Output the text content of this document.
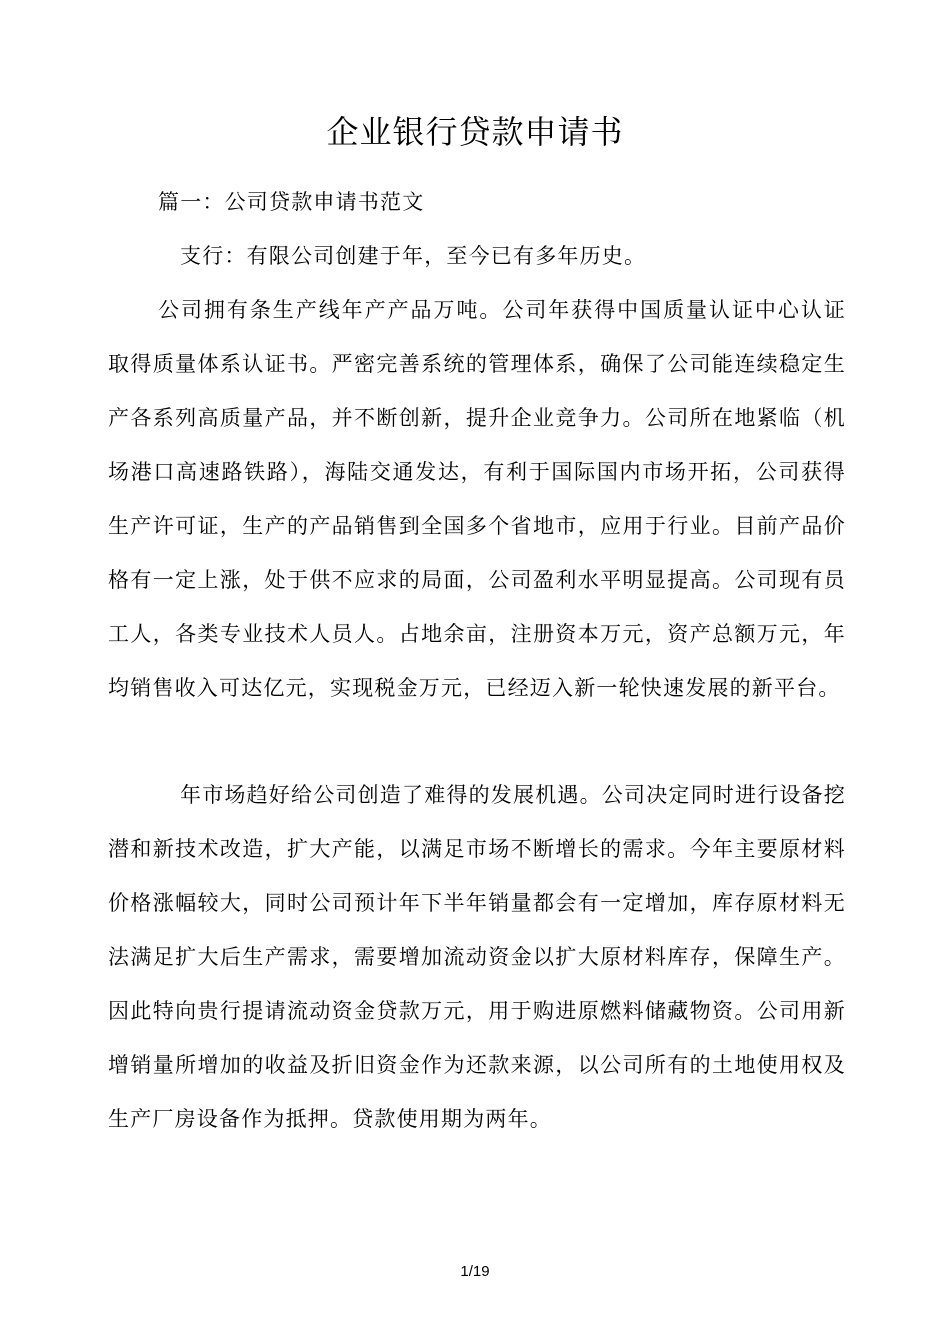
企业银行贷款申请书

篇一：公司贷款申请书范文

支行：有限公司创建于年，至今已有多年历史。

公司拥有条生产线年产产品万吨。公司年获得中国质量认证中心认证取得质量体系认证书。严密完善系统的管理体系，确保了公司能连续稳定生产各系列高质量产品，并不断创新，提升企业竞争力。公司所在地紧临（机场港口高速路铁路），海陆交通发达，有利于国际国内市场开拓，公司获得生产许可证，生产的产品销售到全国多个省地市，应用于行业。目前产品价格有一定上涨，处于供不应求的局面，公司盈利水平明显提高。公司现有员工人，各类专业技术人员人。占地余亩，注册资本万元，资产总额万元，年均销售收入可达亿元，实现税金万元，已经迈入新一轮快速发展的新平台。

年市场趋好给公司创造了难得的发展机遇。公司决定同时进行设备挖潜和新技术改造，扩大产能，以满足市场不断增长的需求。今年主要原材料价格涨幅较大，同时公司预计年下半年销量都会有一定增加，库存原材料无法满足扩大后生产需求，需要增加流动资金以扩大原材料库存，保障生产。因此特向贵行提请流动资金贷款万元，用于购进原燃料储藏物资。公司用新增销量所增加的收益及折旧资金作为还款来源，以公司所有的土地使用权及生产厂房设备作为抵押。贷款使用期为两年。

1/19
